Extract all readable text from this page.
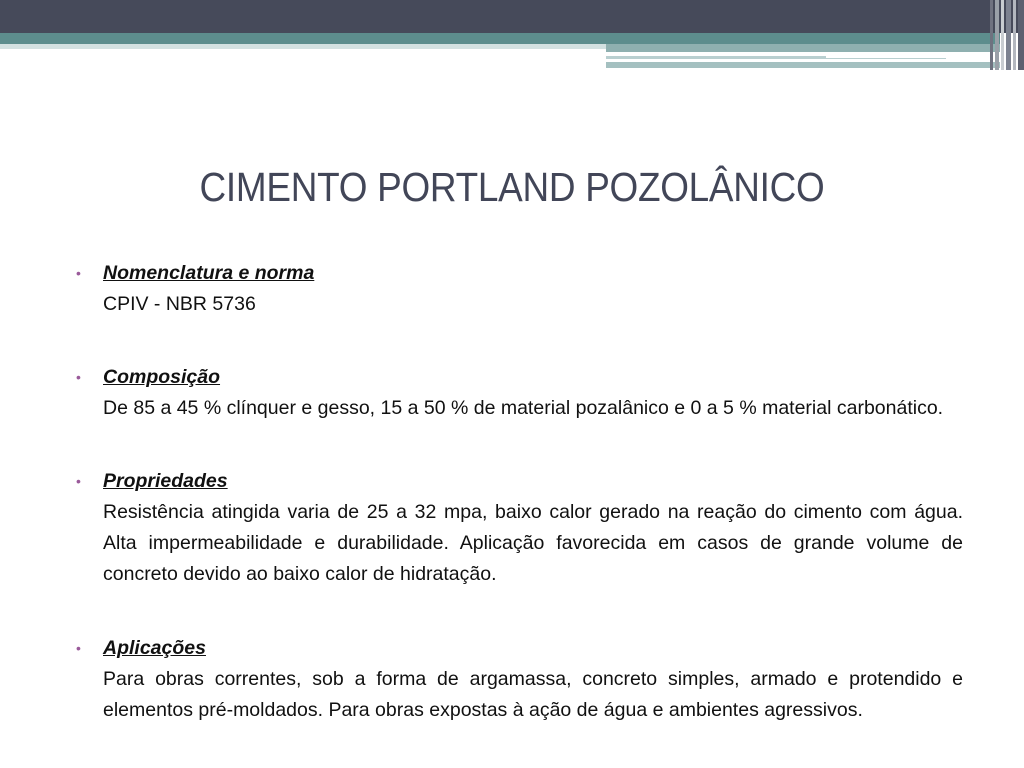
CIMENTO PORTLAND POZOLÂNICO
• Nomenclatura e norma
CPIV - NBR 5736
• Composição
De 85 a 45 % clínquer e gesso, 15 a 50 % de material pozalânico e 0 a 5 % material carbonático.
• Propriedades
Resistência atingida varia de 25 a 32 mpa, baixo calor gerado na reação do cimento com água. Alta impermeabilidade e durabilidade. Aplicação favorecida em casos de grande volume de concreto devido ao baixo calor de hidratação.
• Aplicações
Para obras correntes, sob a forma de argamassa, concreto simples, armado e protendido e elementos pré-moldados. Para obras expostas à ação de água e ambientes agressivos.
